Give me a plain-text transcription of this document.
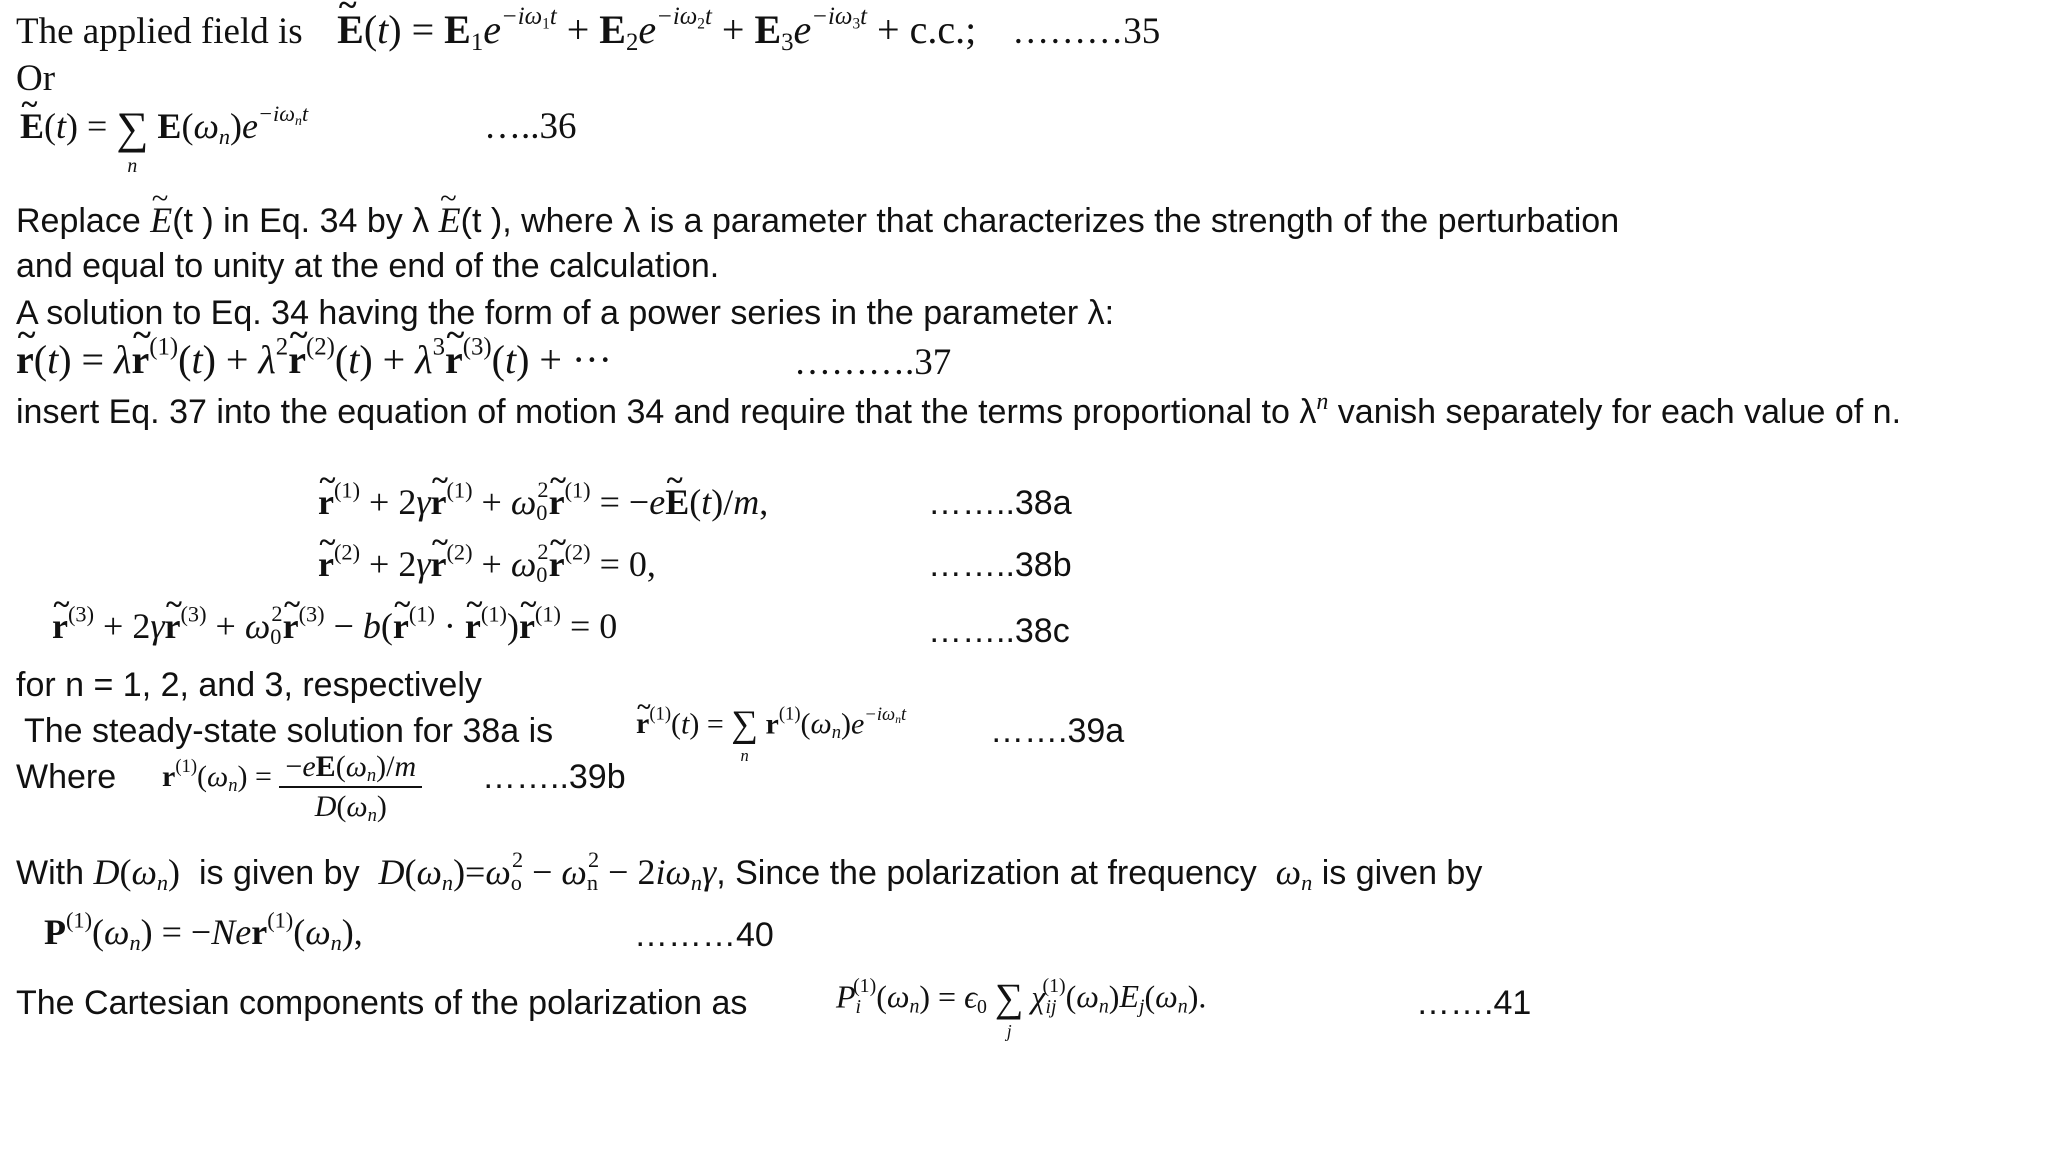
The applied field is E ~(t) = $E_1e^{-i\omega_1t} + E_2e^{-i\omega_2t} + E_3e^{-i\omega_3t} + c.c$.; ………35
Or
E ~(t) = ∑
n
$E(\omega_n)e^{-i\omega_nt}$	…..36
Replace E ~(t ) in Eq. 34 by λ E ~(t ), where λ is a parameter that characterizes the strength of the perturbation
and equal to unity at the end of the calculation.
A solution to Eq. 34 having the form of a power series in the parameter λ:
r ~(t) = λr ~$^{(1)}$(t) + $\lambda^2r$ ~$^{(2)}$(t) + $\lambda^3r$ ~$^{(3)}$(t) + ···	……….37
insert Eq. 37 into the equation of motion 34 and require that the terms proportional to $\lambda^n$ vanish separately for each value of n.
r ~$^{(1)}$ + 2γr ~$^{(1)}$ + $\omega_0^2r$ ~$^{(1)}$ = −eE ~(t)/m,	……..38a
r ~$^{(2)}$ + 2γr ~$^{(2)}$ + $\omega_0^2r$ ~$^{(2)}$ = 0,	……..38b
r ~$^{(3)}$ + 2γr ~$^{(3)}$ + $\omega_0^2r$ ~$^{(3)}$ − b(r ~$^{(1)}$ · r ~$^{(1)}$)r ~$^{(1)}$ = 0	……..38c
for n = 1, 2, and 3, respectively
The steady-state solution for 38a is	r ~$^{(1)}$(t) = ∑
n
$r^{(1)}(\omega_n)e^{-i\omega_nt}$ …….39a
Where $r^{(1)}(\omega_n) = \frac{-eE(\omega_n)/m}{D(\omega_n)}$ ……..39b
With $D(\omega_n)$ is given by $D(\omega_n)=\omega_o^2 - \omega_n^2 - 2i\omega_n\gamma$, Since the polarization at frequency $\omega_n$ is given by
$P^{(1)}(\omega_n) = -Ner^{(1)}(\omega_n)$,	………40
The Cartesian components of the polarization as	$P_i^{(1)}(\omega_n) = \epsilon_0$ ∑
j
$\chi_{ij}^{(1)}(\omega_n)E_j(\omega_n)$.	…….41
